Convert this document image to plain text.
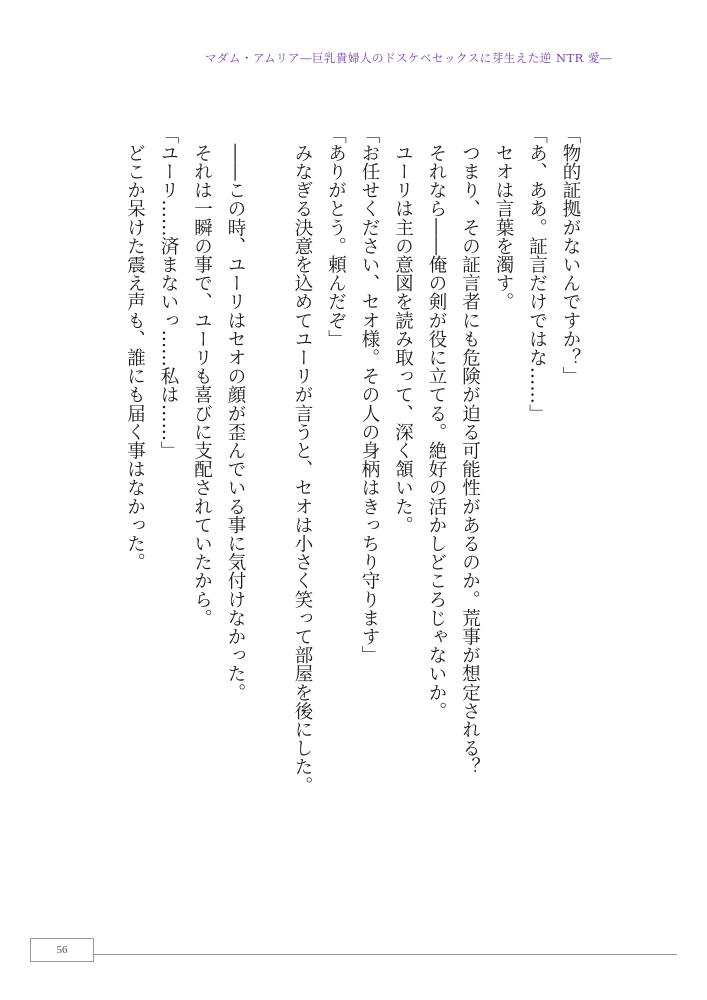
マダム・アムリア―巨乳貴婦人のドスケベセックスに芽生えた逆 NTR 愛―

「物的証拠がないんですか？」

「あ、ああ。証言だけではな……」

　セオは言葉を濁す。

　つまり、その証言者にも危険が迫る可能性があるのか。荒事が想定される？

　それなら――俺の剣が役に立てる。絶好の活かしどころじゃないか。

　ユーリは主の意図を読み取って、深く頷いた。

「お任せください、セオ様。その人の身柄はきっちり守ります」

「ありがとう。頼んだぞ」

　みなぎる決意を込めてユーリが言うと、セオは小さく笑って部屋を後にした。

　――この時、ユーリはセオの顔が歪んでいる事に気付けなかった。

　それは一瞬の事で、ユーリも喜びに支配されていたから。

「ユーリ……済まないっ……私は……」

　どこか呆けた震え声も、誰にも届く事はなかった。

56
